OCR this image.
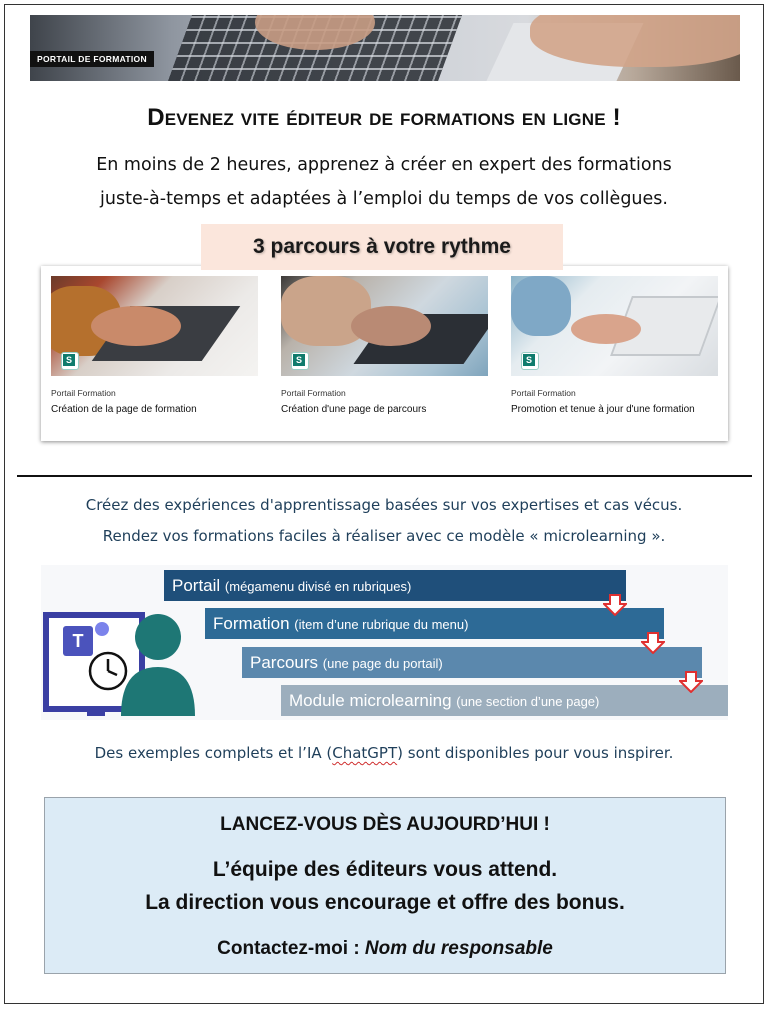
PORTAIL DE FORMATION
Devenez vite éditeur de formations en ligne !
En moins de 2 heures, apprenez à créer en expert des formations
juste-à-temps et adaptées à l’emploi du temps de vos collègues.
S
Portail Formation
Création de la page de formation
S
Portail Formation
Création d'une page de parcours
S
Portail Formation
Promotion et tenue à jour d'une formation
3 parcours à votre rythme
Créez des expériences d'apprentissage basées sur vos expertises et cas vécus.
Rendez vos formations faciles à réaliser avec ce modèle « microlearning ».
T
Portail (mégamenu divisé en rubriques)
Formation (item d’une rubrique du menu)
Parcours (une page du portail)
Module microlearning (une section d’une page)
Des exemples complets et l’IA (ChatGPT) sont disponibles pour vous inspirer.
LANCEZ-VOUS DÈS AUJOURD’HUI !
L’équipe des éditeurs vous attend.
La direction vous encourage et offre des bonus.
Contactez-moi : Nom du responsable
